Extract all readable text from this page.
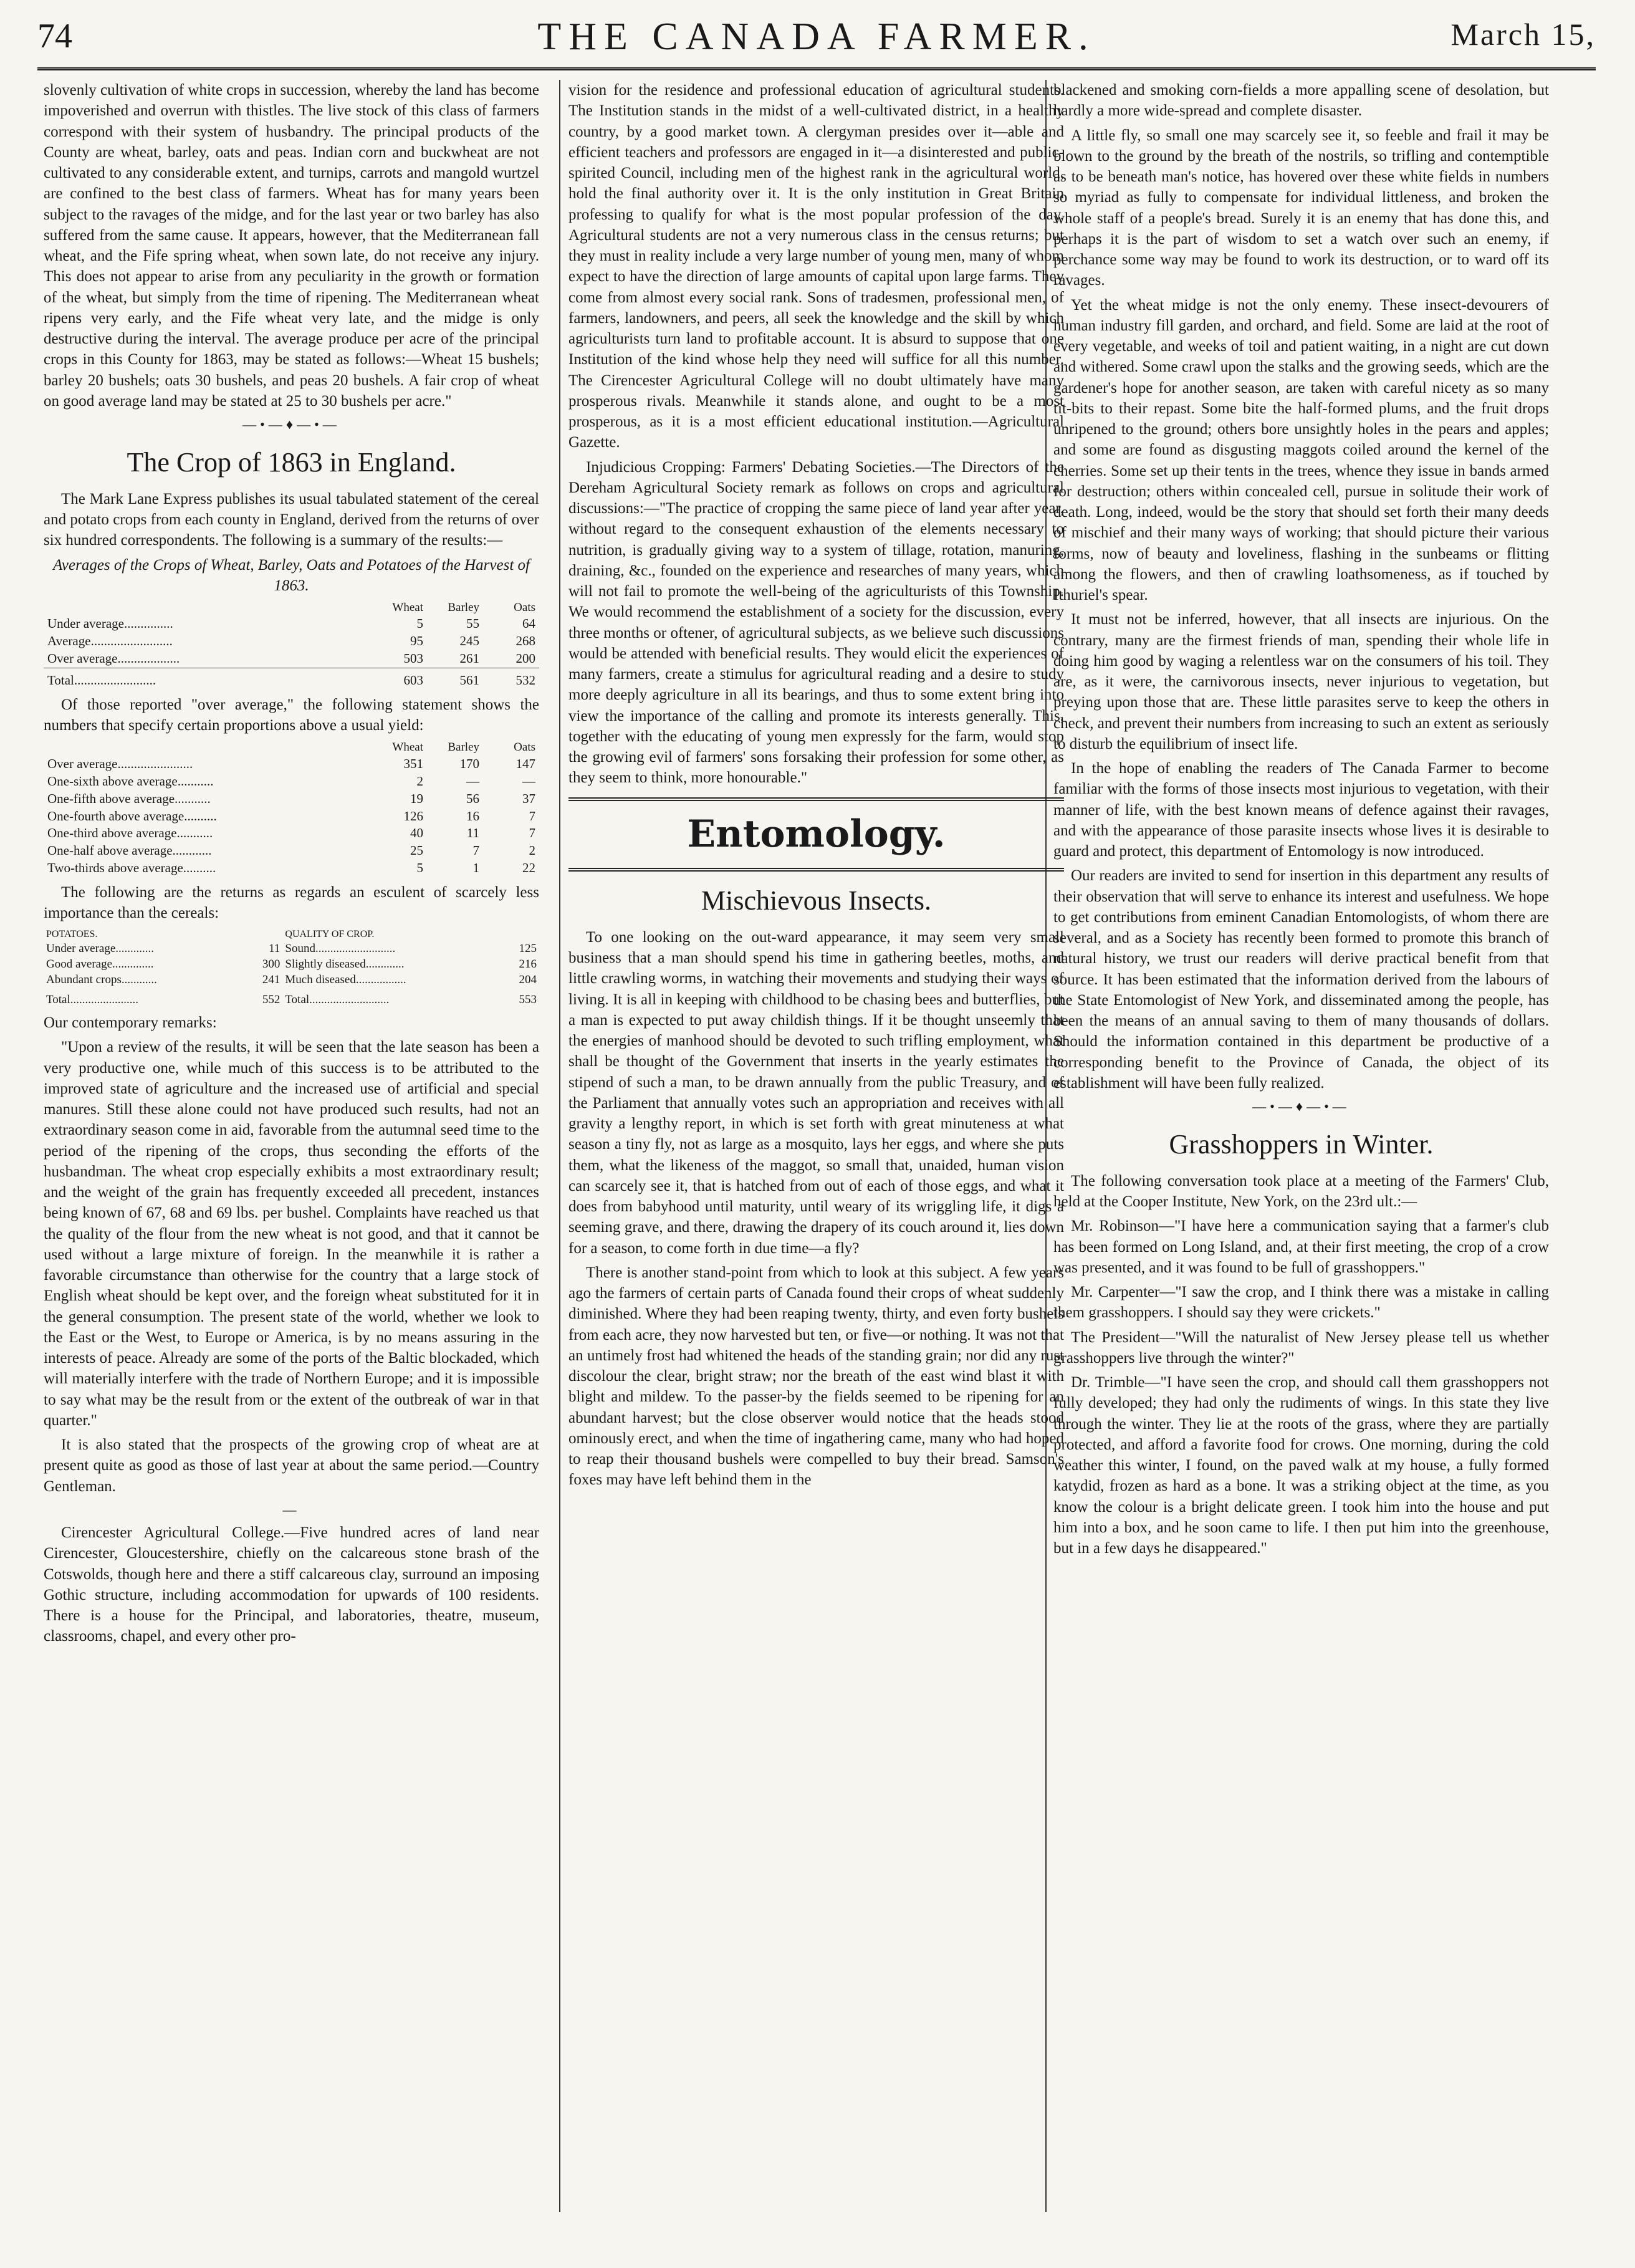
74	THE CANADA FARMER.	March 15,

slovenly cultivation of white crops in succession, whereby the land has become impoverished and overrun with thistles. The live stock of this class of farmers correspond with their system of husbandry. The principal products of the County are wheat, barley, oats and peas. Indian corn and buckwheat are not cultivated to any considerable extent, and turnips, carrots and mangold wurtzel are confined to the best class of farmers. Wheat has for many years been subject to the ravages of the midge, and for the last year or two barley has also suffered from the same cause. It appears, however, that the Mediterranean fall wheat, and the Fife spring wheat, when sown late, do not receive any injury. This does not appear to arise from any peculiarity in the growth or formation of the wheat, but simply from the time of ripening. The Mediterranean wheat ripens very early, and the Fife wheat very late, and the midge is only destructive during the interval. The average produce per acre of the principal crops in this County for 1863, may be stated as follows:—Wheat 15 bushels; barley 20 bushels; oats 30 bushels, and peas 20 bushels. A fair crop of wheat on good average land may be stated at 25 to 30 bushels per acre."

—•—♦—•—
The Crop of 1863 in England.

The Mark Lane Express publishes its usual tabulated statement of the cereal and potato crops from each county in England, derived from the returns of over six hundred correspondents. The following is a summary of the results:—

Averages of the Crops of Wheat, Barley, Oats and Potatoes of the Harvest of 1863.
	Wheat	Barley	Oats
Under average...............	5	55	64
Average.........................	95	245	268
Over average...................	503	261	200
Total.........................	603	561	532

Of those reported "over average," the following statement shows the numbers that specify certain proportions above a usual yield:

	Wheat	Barley	Oats
Over average.......................	351	170	147
One-sixth above average...........	2	—	—
One-fifth above average...........	19	56	37
One-fourth above average..........	126	16	7
One-third above average...........	40	11	7
One-half above average............	25	7	2
Two-thirds above average..........	5	1	22

The following are the returns as regards an esculent of scarcely less importance than the cereals:

POTATOES.		QUALITY OF CROP.	
Under average.............	11	Sound...........................	125
Good average..............	300	Slightly diseased.............	216
Abundant crops............	241	Much diseased.................	204
Total.......................	552	Total...........................	553

Our contemporary remarks:

"Upon a review of the results, it will be seen that the late season has been a very productive one, while much of this success is to be attributed to the improved state of agriculture and the increased use of artificial and special manures. Still these alone could not have produced such results, had not an extraordinary season come in aid, favorable from the autumnal seed time to the period of the ripening of the crops, thus seconding the efforts of the husbandman. The wheat crop especially exhibits a most extraordinary result; and the weight of the grain has frequently exceeded all precedent, instances being known of 67, 68 and 69 lbs. per bushel. Complaints have reached us that the quality of the flour from the new wheat is not good, and that it cannot be used without a large mixture of foreign. In the meanwhile it is rather a favorable circumstance than otherwise for the country that a large stock of English wheat should be kept over, and the foreign wheat substituted for it in the general consumption. The present state of the world, whether we look to the East or the West, to Europe or America, is by no means assuring in the interests of peace. Already are some of the ports of the Baltic blockaded, which will materially interfere with the trade of Northern Europe; and it is impossible to say what may be the result from or the extent of the outbreak of war in that quarter."

It is also stated that the prospects of the growing crop of wheat are at present quite as good as those of last year at about the same period.—Country Gentleman.

—

Cirencester Agricultural College.—Five hundred acres of land near Cirencester, Gloucestershire, chiefly on the calcareous stone brash of the Cotswolds, though here and there a stiff calcareous clay, surround an imposing Gothic structure, including accommodation for upwards of 100 residents. There is a house for the Principal, and laboratories, theatre, museum, classrooms, chapel, and every other pro-

vision for the residence and professional education of agricultural students. The Institution stands in the midst of a well-cultivated district, in a healthy country, by a good market town. A clergyman presides over it—able and efficient teachers and professors are engaged in it—a disinterested and public-spirited Council, including men of the highest rank in the agricultural world, hold the final authority over it. It is the only institution in Great Britain professing to qualify for what is the most popular profession of the day. Agricultural students are not a very numerous class in the census returns; but they must in reality include a very large number of young men, many of whom expect to have the direction of large amounts of capital upon large farms. They come from almost every social rank. Sons of tradesmen, professional men, of farmers, landowners, and peers, all seek the knowledge and the skill by which agriculturists turn land to profitable account. It is absurd to suppose that one Institution of the kind whose help they need will suffice for all this number. The Cirencester Agricultural College will no doubt ultimately have many prosperous rivals. Meanwhile it stands alone, and ought to be a most prosperous, as it is a most efficient educational institution.—Agricultural Gazette.

Injudicious Cropping: Farmers' Debating Societies.—The Directors of the Dereham Agricultural Society remark as follows on crops and agricultural discussions:—"The practice of cropping the same piece of land year after year, without regard to the consequent exhaustion of the elements necessary to nutrition, is gradually giving way to a system of tillage, rotation, manuring, draining, &c., founded on the experience and researches of many years, which will not fail to promote the well-being of the agriculturists of this Township. We would recommend the establishment of a society for the discussion, every three months or oftener, of agricultural subjects, as we believe such discussions would be attended with beneficial results. They would elicit the experiences of many farmers, create a stimulus for agricultural reading and a desire to study more deeply agriculture in all its bearings, and thus to some extent bring into view the importance of the calling and promote its interests generally. This, together with the educating of young men expressly for the farm, would stop the growing evil of farmers' sons forsaking their profession for some other, as they seem to think, more honourable."

Entomology.
Mischievous Insects.

To one looking on the out-ward appearance, it may seem very small business that a man should spend his time in gathering beetles, moths, and little crawling worms, in watching their movements and studying their ways of living. It is all in keeping with childhood to be chasing bees and butterflies, but a man is expected to put away childish things. If it be thought unseemly that the energies of manhood should be devoted to such trifling employment, what shall be thought of the Government that inserts in the yearly estimates the stipend of such a man, to be drawn annually from the public Treasury, and of the Parliament that annually votes such an appropriation and receives with all gravity a lengthy report, in which is set forth with great minuteness at what season a tiny fly, not as large as a mosquito, lays her eggs, and where she puts them, what the likeness of the maggot, so small that, unaided, human vision can scarcely see it, that is hatched from out of each of those eggs, and what it does from babyhood until maturity, until weary of its wriggling life, it digs a seeming grave, and there, drawing the drapery of its couch around it, lies down for a season, to come forth in due time—a fly?

There is another stand-point from which to look at this subject. A few years ago the farmers of certain parts of Canada found their crops of wheat suddenly diminished. Where they had been reaping twenty, thirty, and even forty bushels from each acre, they now harvested but ten, or five—or nothing. It was not that an untimely frost had whitened the heads of the standing grain; nor did any rust discolour the clear, bright straw; nor the breath of the east wind blast it with blight and mildew. To the passer-by the fields seemed to be ripening for an abundant harvest; but the close observer would notice that the heads stood ominously erect, and when the time of ingathering came, many who had hoped to reap their thousand bushels were compelled to buy their bread. Samson's foxes may have left behind them in the

blackened and smoking corn-fields a more appalling scene of desolation, but hardly a more wide-spread and complete disaster.

A little fly, so small one may scarcely see it, so feeble and frail it may be blown to the ground by the breath of the nostrils, so trifling and contemptible as to be beneath man's notice, has hovered over these white fields in numbers so myriad as fully to compensate for individual littleness, and broken the whole staff of a people's bread. Surely it is an enemy that has done this, and perhaps it is the part of wisdom to set a watch over such an enemy, if perchance some way may be found to work its destruction, or to ward off its ravages.

Yet the wheat midge is not the only enemy. These insect-devourers of human industry fill garden, and orchard, and field. Some are laid at the root of every vegetable, and weeks of toil and patient waiting, in a night are cut down and withered. Some crawl upon the stalks and the growing seeds, which are the gardener's hope for another season, are taken with careful nicety as so many tit-bits to their repast. Some bite the half-formed plums, and the fruit drops unripened to the ground; others bore unsightly holes in the pears and apples; and some are found as disgusting maggots coiled around the kernel of the cherries. Some set up their tents in the trees, whence they issue in bands armed for destruction; others within concealed cell, pursue in solitude their work of death. Long, indeed, would be the story that should set forth their many deeds of mischief and their many ways of working; that should picture their various forms, now of beauty and loveliness, flashing in the sunbeams or flitting among the flowers, and then of crawling loathsomeness, as if touched by Ithuriel's spear.

It must not be inferred, however, that all insects are injurious. On the contrary, many are the firmest friends of man, spending their whole life in doing him good by waging a relentless war on the consumers of his toil. They are, as it were, the carnivorous insects, never injurious to vegetation, but preying upon those that are. These little parasites serve to keep the others in check, and prevent their numbers from increasing to such an extent as seriously to disturb the equilibrium of insect life.

In the hope of enabling the readers of The Canada Farmer to become familiar with the forms of those insects most injurious to vegetation, with their manner of life, with the best known means of defence against their ravages, and with the appearance of those parasite insects whose lives it is desirable to guard and protect, this department of Entomology is now introduced.

Our readers are invited to send for insertion in this department any results of their observation that will serve to enhance its interest and usefulness. We hope to get contributions from eminent Canadian Entomologists, of whom there are several, and as a Society has recently been formed to promote this branch of natural history, we trust our readers will derive practical benefit from that source. It has been estimated that the information derived from the labours of the State Entomologist of New York, and disseminated among the people, has been the means of an annual saving to them of many thousands of dollars. Should the information contained in this department be productive of a corresponding benefit to the Province of Canada, the object of its establishment will have been fully realized.

—•—♦—•—
Grasshoppers in Winter.

The following conversation took place at a meeting of the Farmers' Club, held at the Cooper Institute, New York, on the 23rd ult.:—

Mr. Robinson—"I have here a communication saying that a farmer's club has been formed on Long Island, and, at their first meeting, the crop of a crow was presented, and it was found to be full of grasshoppers."

Mr. Carpenter—"I saw the crop, and I think there was a mistake in calling them grasshoppers. I should say they were crickets."

The President—"Will the naturalist of New Jersey please tell us whether grasshoppers live through the winter?"

Dr. Trimble—"I have seen the crop, and should call them grasshoppers not fully developed; they had only the rudiments of wings. In this state they live through the winter. They lie at the roots of the grass, where they are partially protected, and afford a favorite food for crows. One morning, during the cold weather this winter, I found, on the paved walk at my house, a fully formed katydid, frozen as hard as a bone. It was a striking object at the time, as you know the colour is a bright delicate green. I took him into the house and put him into a box, and he soon came to life. I then put him into the greenhouse, but in a few days he disappeared."
